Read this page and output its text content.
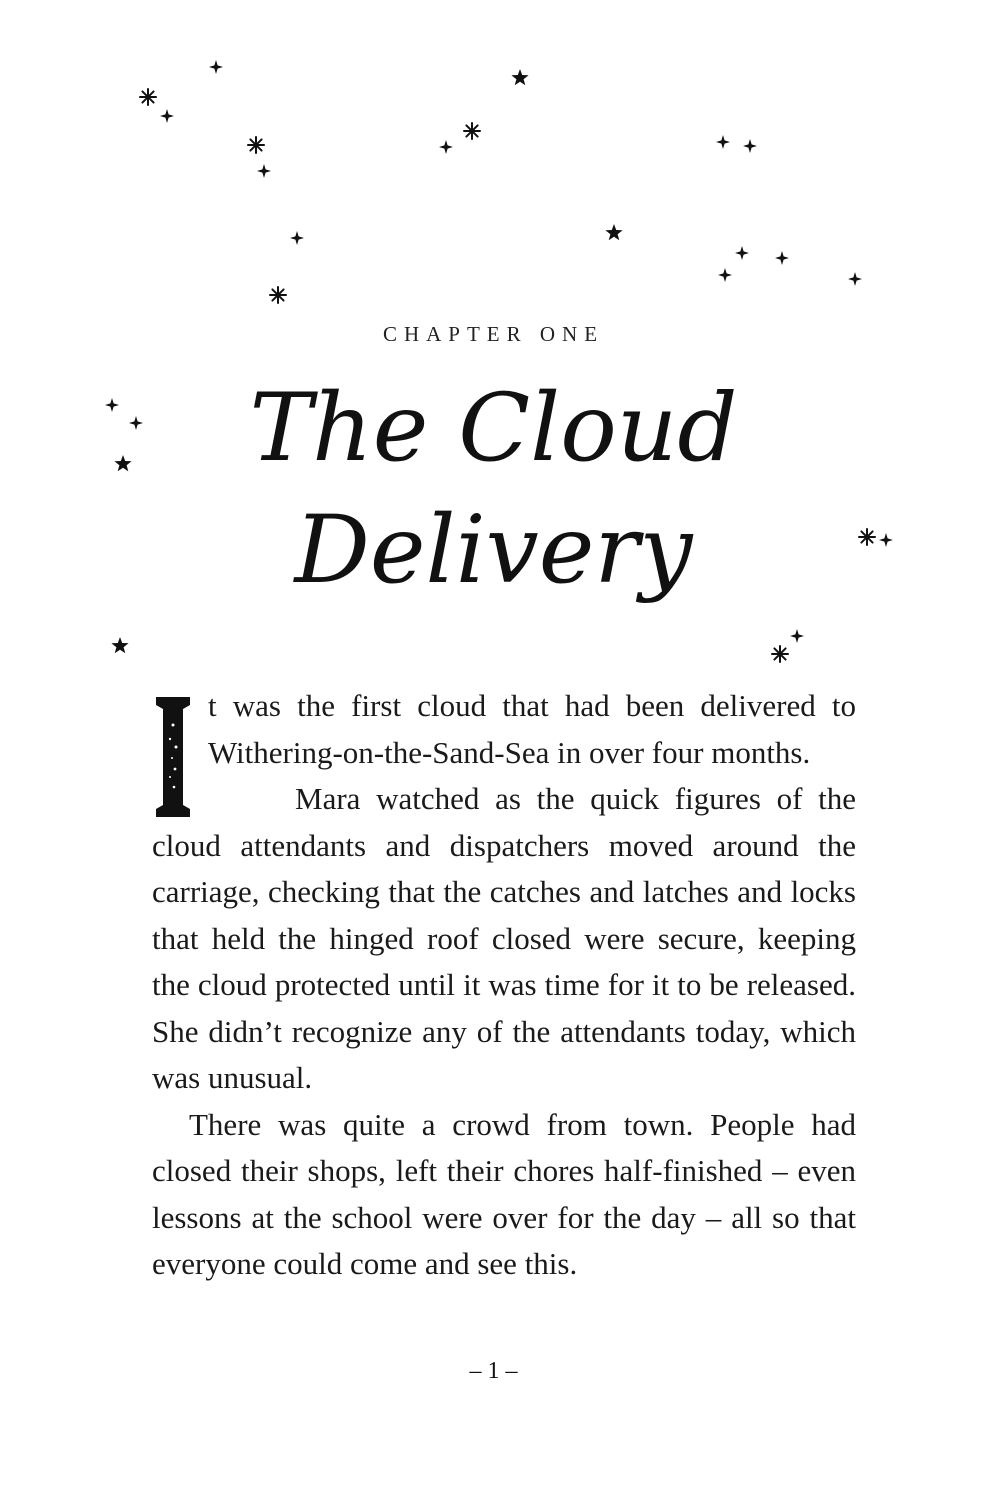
CHAPTER ONE
The Cloud
Delivery

t was the first cloud that had been delivered to Withering-on-the-Sand-Sea in over four months.

Mara watched as the quick figures of the cloud attendants and dispatchers moved around the carriage, checking that the catches and latches and locks that held the hinged roof closed were secure, keeping the cloud protected until it was time for it to be released. She didn’t recognize any of the attendants today, which was unusual.

There was quite a crowd from town. People had closed their shops, left their chores half-finished – even lessons at the school were over for the day – all so that everyone could come and see this.

– 1 –
